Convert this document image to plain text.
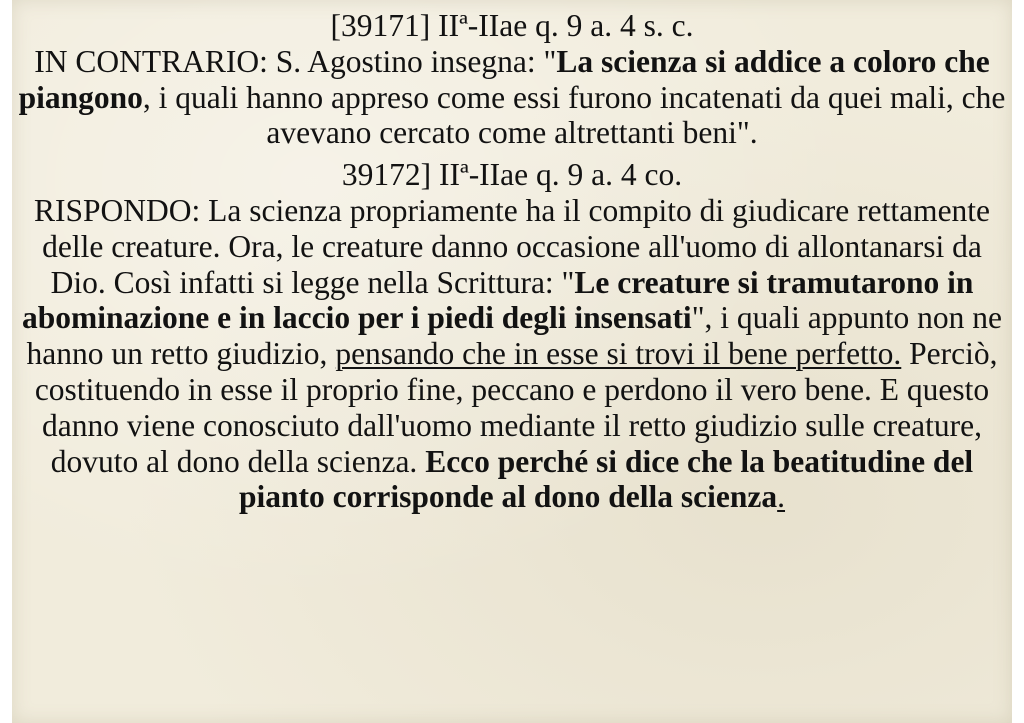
[39171] IIª-IIae q. 9 a. 4 s. c.
IN CONTRARIO: S. Agostino insegna: "La scienza si addice a coloro che piangono, i quali hanno appreso come essi furono incatenati da quei mali, che avevano cercato come altrettanti beni".

39172] IIª-IIae q. 9 a. 4 co.
RISPONDO: La scienza propriamente ha il compito di giudicare rettamente delle creature. Ora, le creature danno occasione all'uomo di allontanarsi da Dio. Così infatti si legge nella Scrittura: "Le creature si tramutarono in abominazione e in laccio per i piedi degli insensati", i quali appunto non ne hanno un retto giudizio, pensando che in esse si trovi il bene perfetto. Perciò, costituendo in esse il proprio fine, peccano e perdono il vero bene. E questo danno viene conosciuto dall'uomo mediante il retto giudizio sulle creature, dovuto al dono della scienza. Ecco perché si dice che la beatitudine del pianto corrisponde al dono della scienza.
